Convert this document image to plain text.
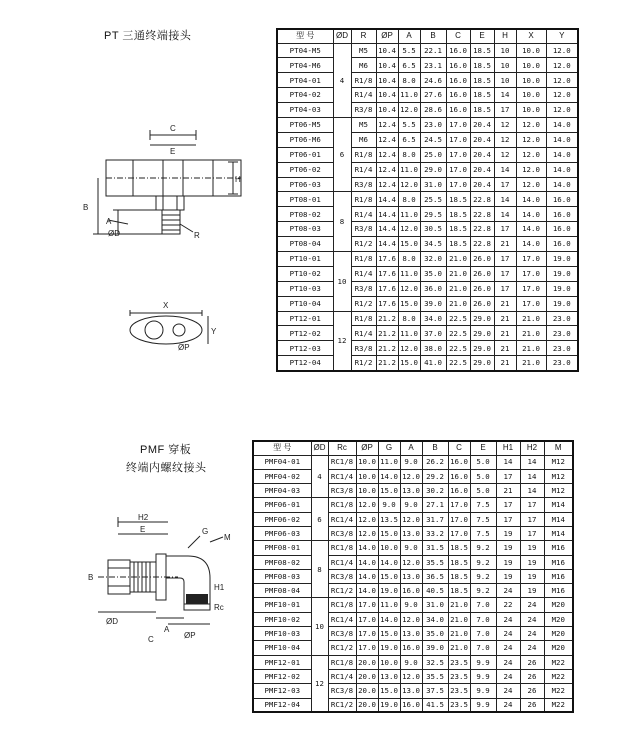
PT 三通终端接头
C
E
H
B
A
ØD	R
X
Y
ØP
型 号	ØD	R	ØP	A	B	C	E	H	X	Y
PT04-M5	4	M5	10.4	5.5	22.1	16.0	18.5	10	10.0	12.0
PT04-M6		M6	10.4	6.5	23.1	16.0	18.5	10	10.0	12.0
PT04-01		R1/8	10.4	8.0	24.6	16.0	18.5	10	10.0	12.0
PT04-02		R1/4	10.4	11.0	27.6	16.0	18.5	14	10.0	12.0
PT04-03		R3/8	10.4	12.0	28.6	16.0	18.5	17	10.0	12.0
PT06-M5	6	M5	12.4	5.5	23.0	17.0	20.4	12	12.0	14.0
PT06-M6		M6	12.4	6.5	24.5	17.0	20.4	12	12.0	14.0
PT06-01		R1/8	12.4	8.0	25.0	17.0	20.4	12	12.0	14.0
PT06-02		R1/4	12.4	11.0	29.0	17.0	20.4	14	12.0	14.0
PT06-03		R3/8	12.4	12.0	31.0	17.0	20.4	17	12.0	14.0
PT08-01	8	R1/8	14.4	8.0	25.5	18.5	22.8	14	14.0	16.0
PT08-02		R1/4	14.4	11.0	29.5	18.5	22.8	14	14.0	16.0
PT08-03		R3/8	14.4	12.0	30.5	18.5	22.8	17	14.0	16.0
PT08-04		R1/2	14.4	15.0	34.5	18.5	22.8	21	14.0	16.0
PT10-01	10	R1/8	17.6	8.0	32.0	21.0	26.0	17	17.0	19.0
PT10-02		R1/4	17.6	11.0	35.0	21.0	26.0	17	17.0	19.0
PT10-03		R3/8	17.6	12.0	36.0	21.0	26.0	17	17.0	19.0
PT10-04		R1/2	17.6	15.0	39.0	21.0	26.0	21	17.0	19.0
PT12-01	12	R1/8	21.2	8.0	34.0	22.5	29.0	21	21.0	23.0
PT12-02		R1/4	21.2	11.0	37.0	22.5	29.0	21	21.0	23.0
PT12-03		R3/8	21.2	12.0	38.0	22.5	29.0	21	21.0	23.0
PT12-04		R1/2	21.2	15.0	41.0	22.5	29.0	21	21.0	23.0
PMF 穿板
终端内螺纹接头
H2
E
B
G
M
H1
Rc
ØD
A
C	ØP
型 号	ØD	Rc	ØP	G	A	B	C	E	H1	H2	M
PMF04-01	4	RC1/8	10.0	11.0	9.0	26.2	16.0	5.0	14	14	M12
PMF04-02		RC1/4	10.0	14.0	12.0	29.2	16.0	5.0	17	14	M12
PMF04-03		RC3/8	10.0	15.0	13.0	30.2	16.0	5.0	21	14	M12
PMF06-01	6	RC1/8	12.0	9.0	9.0	27.1	17.0	7.5	17	17	M14
PMF06-02		RC1/4	12.0	13.5	12.0	31.7	17.0	7.5	17	17	M14
PMF06-03		RC3/8	12.0	15.0	13.0	33.2	17.0	7.5	19	17	M14
PMF08-01	8	RC1/8	14.0	10.0	9.0	31.5	18.5	9.2	19	19	M16
PMF08-02		RC1/4	14.0	14.0	12.0	35.5	18.5	9.2	19	19	M16
PMF08-03		RC3/8	14.0	15.0	13.0	36.5	18.5	9.2	19	19	M16
PMF08-04		RC1/2	14.0	19.0	16.0	40.5	18.5	9.2	24	19	M16
PMF10-01	10	RC1/8	17.0	11.0	9.0	31.0	21.0	7.0	22	24	M20
PMF10-02		RC1/4	17.0	14.0	12.0	34.0	21.0	7.0	24	24	M20
PMF10-03		RC3/8	17.0	15.0	13.0	35.0	21.0	7.0	24	24	M20
PMF10-04		RC1/2	17.0	19.0	16.0	39.0	21.0	7.0	24	24	M20
PMF12-01	12	RC1/8	20.0	10.0	9.0	32.5	23.5	9.9	24	26	M22
PMF12-02		RC1/4	20.0	13.0	12.0	35.5	23.5	9.9	24	26	M22
PMF12-03		RC3/8	20.0	15.0	13.0	37.5	23.5	9.9	24	26	M22
PMF12-04		RC1/2	20.0	19.0	16.0	41.5	23.5	9.9	24	26	M22
